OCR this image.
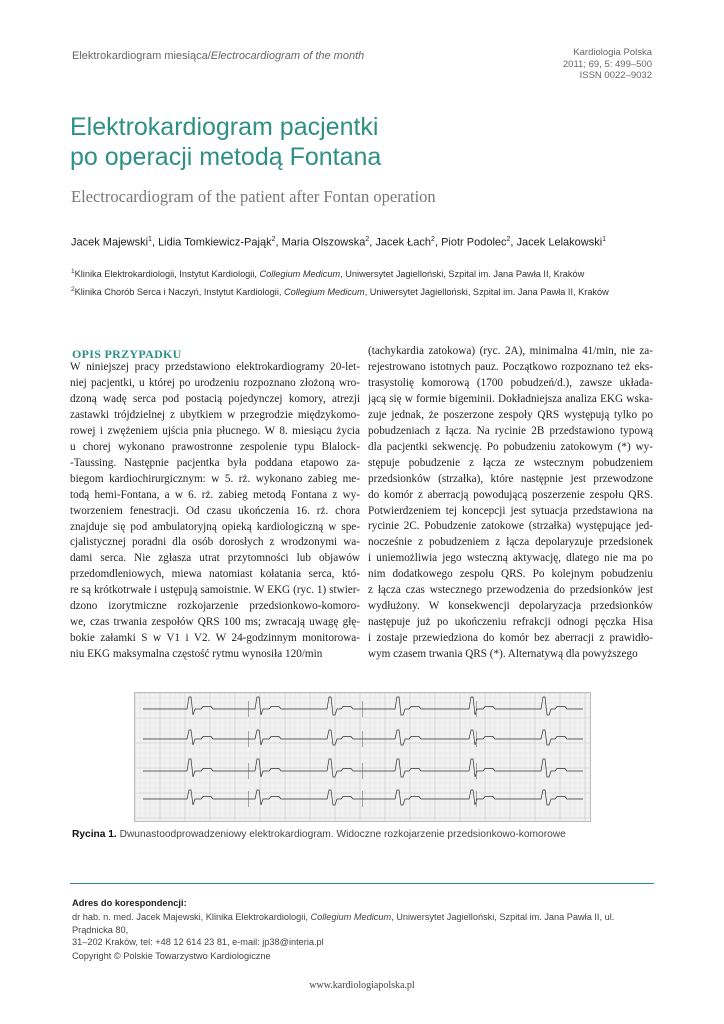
Elektrokardiogram miesiąca/Electrocardiogram of the month	Kardiologia Polska
2011; 69, 5: 499–500
ISSN 0022–9032
Elektrokardiogram pacjentki
po operacji metodą Fontana
Electrocardiogram of the patient after Fontan operation
Jacek Majewski$^1$, Lidia Tomkiewicz-Pająk$^2$, Maria Olszowska$^2$, Jacek Łach$^2$, Piotr Podolec$^2$, Jacek Lelakowski$^1$
$^1$Klinika Elektrokardiologii, Instytut Kardiologii, Collegium Medicum, Uniwersytet Jagielloński, Szpital im. Jana Pawła II, Kraków
$^2$Klinika Chorób Serca i Naczyń, Instytut Kardiologii, Collegium Medicum, Uniwersytet Jagielloński, Szpital im. Jana Pawła II, Kraków
OPIS PRZYPADKU
W niniejszej pracy przedstawiono elektrokardiogramy 20-let-
niej pacjentki, u której po urodzeniu rozpoznano złożoną wro-
dzoną wadę serca pod postacią pojedynczej komory, atrezji
zastawki trójdzielnej z ubytkiem w przegrodzie międzykomo-
rowej i zwężeniem ujścia pnia płucnego. W 8. miesiącu życia
u chorej wykonano prawostronne zespolenie typu Blalock-
-Taussing. Następnie pacjentka była poddana etapowo za-
biegom kardiochirurgicznym: w 5. rż. wykonano zabieg me-
todą hemi-Fontana, a w 6. rż. zabieg metodą Fontana z wy-
tworzeniem fenestracji. Od czasu ukończenia 16. rż. chora
znajduje się pod ambulatoryjną opieką kardiologiczną w spe-
cjalistycznej poradni dla osób dorosłych z wrodzonymi wa-
dami serca. Nie zgłasza utrat przytomności lub objawów
przedomdleniowych, miewa natomiast kołatania serca, któ-
re są krótkotrwałe i ustępują samoistnie. W EKG (ryc. 1) stwier-
dzono izorytmiczne rozkojarzenie przedsionkowo-komoro-
we, czas trwania zespołów QRS 100 ms; zwracają uwagę głę-
bokie załamki S w V1 i V2. W 24-godzinnym monitorowa-
niu EKG maksymalna częstość rytmu wynosiła 120/min
(tachykardia zatokowa) (ryc. 2A), minimalna 41/min, nie za-
rejestrowano istotnych pauz. Początkowo rozpoznano też eks-
trasystolię komorową (1700 pobudzeń/d.), zawsze układa-
jącą się w formie bigeminii. Dokładniejsza analiza EKG wska-
zuje jednak, że poszerzone zespoły QRS występują tylko po
pobudzeniach z łącza. Na rycinie 2B przedstawiono typową
dla pacjentki sekwencję. Po pobudzeniu zatokowym (*) wy-
stępuje pobudzenie z łącza ze wstecznym pobudzeniem
przedsionków (strzałka), które następnie jest przewodzone
do komór z aberracją powodującą poszerzenie zespołu QRS.
Potwierdzeniem tej koncepcji jest sytuacja przedstawiona na
rycinie 2C. Pobudzenie zatokowe (strzałka) występujące jed-
nocześnie z pobudzeniem z łącza depolaryzuje przedsionek
i uniemożliwia jego wsteczną aktywację, dlatego nie ma po
nim dodatkowego zespołu QRS. Po kolejnym pobudzeniu
z łącza czas wstecznego przewodzenia do przedsionków jest
wydłużony. W konsekwencji depolaryzacja przedsionków
następuje już po ukończeniu refrakcji odnogi pęczka Hisa
i zostaje przewiedziona do komór bez aberracji z prawidło-
wym czasem trwania QRS (*). Alternatywą dla powyższego
Rycina 1. Dwunastoodprowadzeniowy elektrokardiogram. Widoczne rozkojarzenie przedsionkowo-komorowe
Adres do korespondencji:
dr hab. n. med. Jacek Majewski, Klinika Elektrokardiologii, Collegium Medicum, Uniwersytet Jagielloński, Szpital im. Jana Pawła II, ul. Prądnicka 80,
31–202 Kraków, tel: +48 12 614 23 81, e-mail: jp38@interia.pl
Copyright © Polskie Towarzystwo Kardiologiczne
www.kardiologiapolska.pl
